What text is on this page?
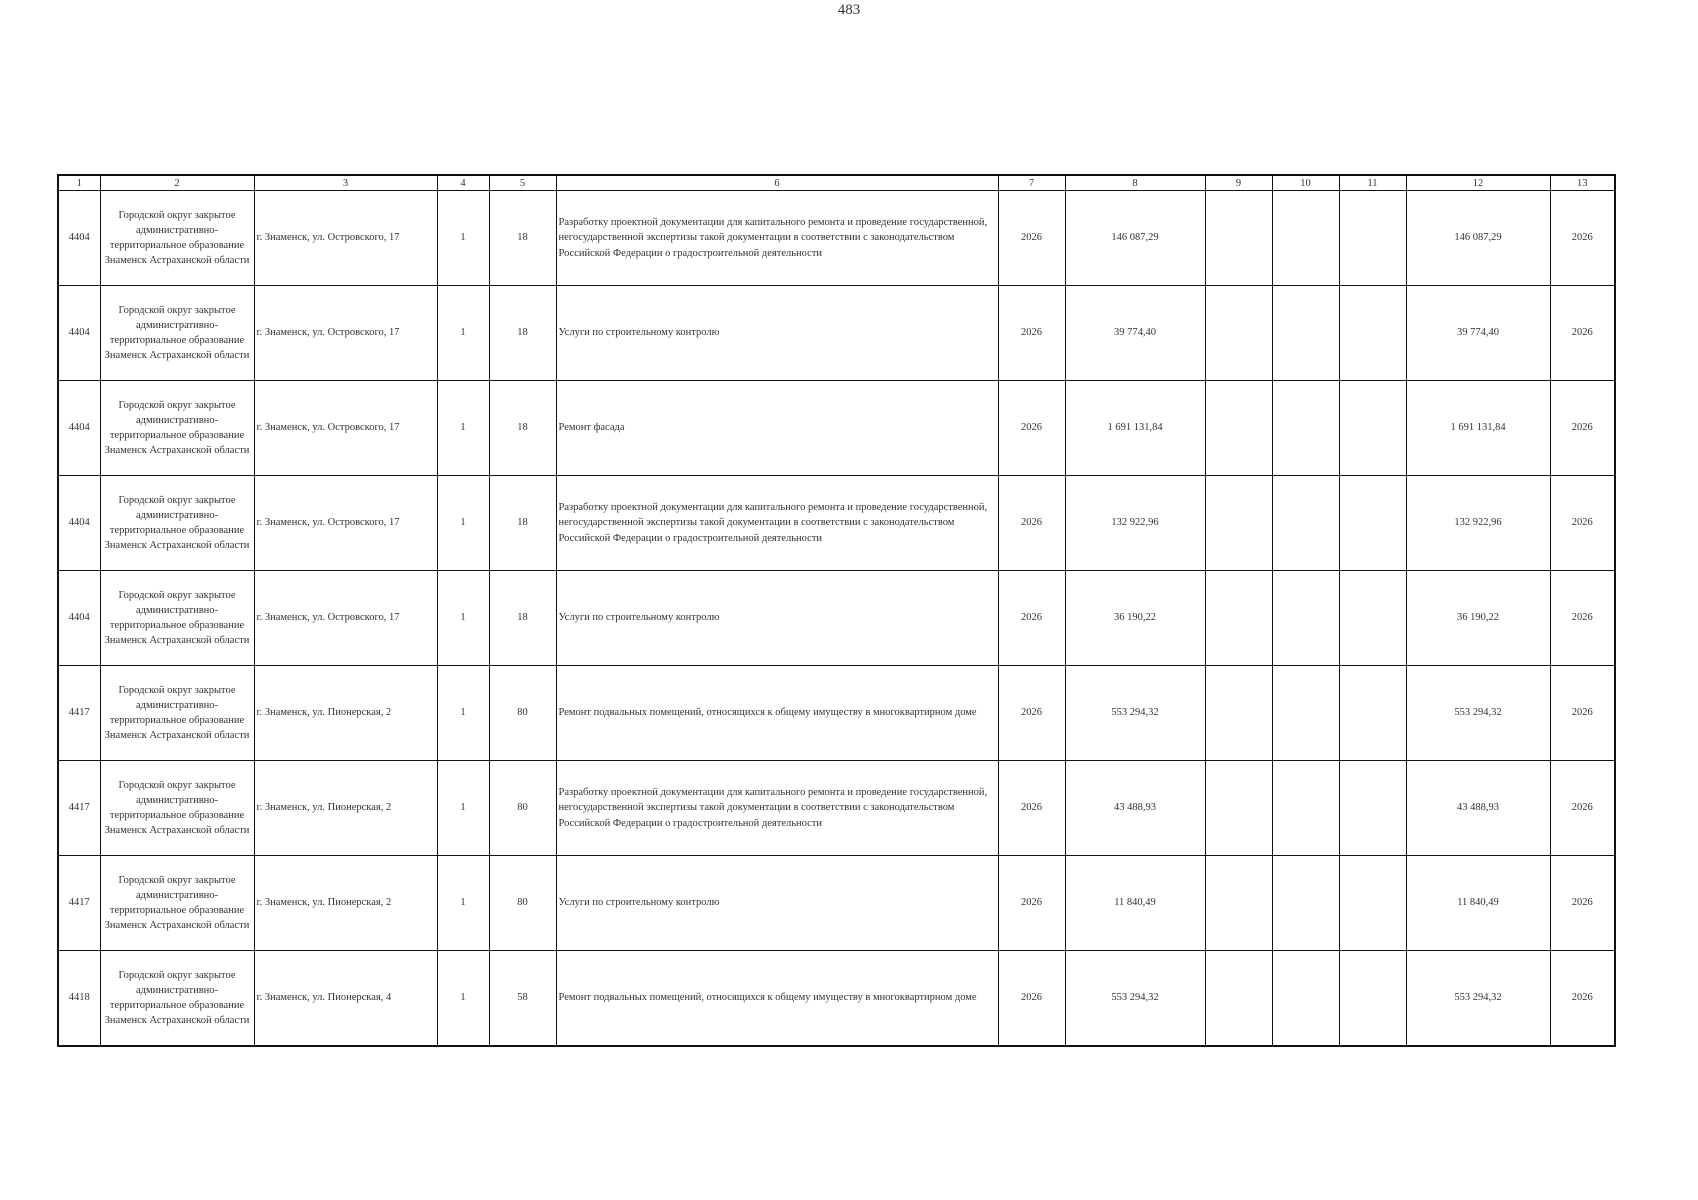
483
1	2	3	4	5	6	7	8	9	10	11	12	13
4404	Городской округ закрытое административно-территориальное образование Знаменск Астраханской области	г. Знаменск, ул. Островского, 17	1	18	Разработку проектной документации для капитального ремонта и проведение государственной, негосударственной экспертизы такой документации в соответствии с законодательством Российской Федерации о градостроительной деятельности	2026	146 087,29				146 087,29	2026
4404	Городской округ закрытое административно-территориальное образование Знаменск Астраханской области	г. Знаменск, ул. Островского, 17	1	18	Услуги по строительному контролю	2026	39 774,40				39 774,40	2026
4404	Городской округ закрытое административно-территориальное образование Знаменск Астраханской области	г. Знаменск, ул. Островского, 17	1	18	Ремонт фасада	2026	1 691 131,84				1 691 131,84	2026
4404	Городской округ закрытое административно-территориальное образование Знаменск Астраханской области	г. Знаменск, ул. Островского, 17	1	18	Разработку проектной документации для капитального ремонта и проведение государственной, негосударственной экспертизы такой документации в соответствии с законодательством Российской Федерации о градостроительной деятельности	2026	132 922,96				132 922,96	2026
4404	Городской округ закрытое административно-территориальное образование Знаменск Астраханской области	г. Знаменск, ул. Островского, 17	1	18	Услуги по строительному контролю	2026	36 190,22				36 190,22	2026
4417	Городской округ закрытое административно-территориальное образование Знаменск Астраханской области	г. Знаменск, ул. Пионерская, 2	1	80	Ремонт подвальных помещений, относящихся к общему имуществу в многоквартирном доме	2026	553 294,32				553 294,32	2026
4417	Городской округ закрытое административно-территориальное образование Знаменск Астраханской области	г. Знаменск, ул. Пионерская, 2	1	80	Разработку проектной документации для капитального ремонта и проведение государственной, негосударственной экспертизы такой документации в соответствии с законодательством Российской Федерации о градостроительной деятельности	2026	43 488,93				43 488,93	2026
4417	Городской округ закрытое административно-территориальное образование Знаменск Астраханской области	г. Знаменск, ул. Пионерская, 2	1	80	Услуги по строительному контролю	2026	11 840,49				11 840,49	2026
4418	Городской округ закрытое административно-территориальное образование Знаменск Астраханской области	г. Знаменск, ул. Пионерская, 4	1	58	Ремонт подвальных помещений, относящихся к общему имуществу в многоквартирном доме	2026	553 294,32				553 294,32	2026
